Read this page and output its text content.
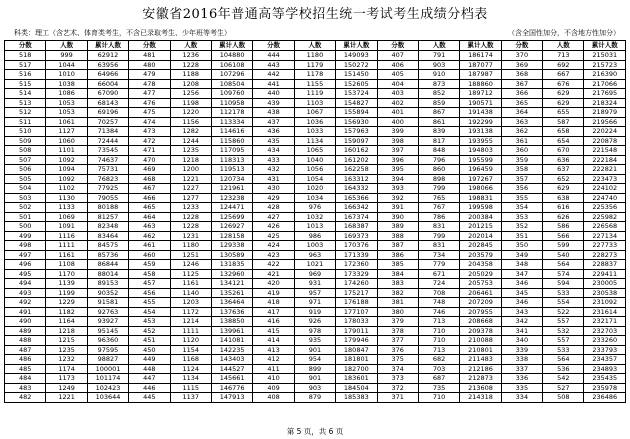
安徽省2016年普通高等学校招生统一考试考生成绩分档表
科类：理工（含艺术、体育类考生，不含已录取考生、少年班等考生）	（含全国性加分，不含地方性加分）
分数	人数	累计人数	分数	人数	累计人数	分数	人数	累计人数	分数	人数	累计人数	分数	人数	累计人数
518	999	62912	481	1236	104880	444	1180	149093	407	791	186174	370	713	215031
517	1044	63956	480	1228	106108	443	1179	150272	406	903	187077	369	692	215723
516	1010	64966	479	1188	107296	442	1178	151450	405	910	187987	368	667	216390
515	1038	66004	478	1208	108504	441	1155	152605	404	873	188860	367	676	217066
514	1086	67090	477	1256	109760	440	1119	153724	403	852	189712	366	629	217695
513	1053	68143	476	1198	110958	439	1103	154827	402	859	190571	365	629	218324
512	1053	69196	475	1220	112178	438	1067	155894	401	867	191438	364	655	218979
511	1061	70257	474	1156	113334	437	1036	156930	400	861	192299	363	587	219566
510	1127	71384	473	1282	114616	436	1033	157963	399	839	193138	362	658	220224
509	1060	72444	472	1244	115860	435	1134	159097	398	817	193955	361	654	220878
508	1101	73545	471	1235	117095	434	1065	160162	397	848	194803	360	670	221548
507	1092	74637	470	1218	118313	433	1040	161202	396	796	195599	359	636	222184
506	1094	75731	469	1200	119513	432	1056	162258	395	860	196459	358	637	222821
505	1092	76823	468	1221	120734	431	1054	163312	394	898	197267	357	652	223473
504	1102	77925	467	1227	121961	430	1020	164332	393	799	198066	356	629	224102
503	1130	79055	466	1277	123238	429	1034	165366	392	765	198831	355	638	224740
502	1133	80188	465	1233	124471	428	976	166342	391	767	199598	354	616	225356
501	1069	81257	464	1228	125699	427	1032	167374	390	786	200384	353	626	225982
500	1091	82348	463	1228	126927	426	1013	168387	389	831	201215	352	586	226568
499	1116	83464	462	1231	128158	425	986	169373	388	799	202014	351	566	227134
498	1111	84575	461	1180	129338	424	1003	170376	387	831	202845	350	599	227733
497	1161	85736	460	1251	130589	423	963	171339	386	734	203579	349	540	228273
496	1108	86844	459	1246	131835	422	1021	172360	385	779	204358	348	564	228837
495	1170	88014	458	1125	132960	421	969	173329	384	671	205029	347	574	229411
494	1139	89153	457	1161	134121	420	931	174260	383	724	205753	346	594	230005
493	1199	90352	456	1140	135261	419	957	175217	382	708	206461	345	533	230538
492	1229	91581	455	1203	136464	418	971	176188	381	748	207209	346	554	231092
491	1182	92763	454	1172	137636	417	919	177107	380	746	207955	343	522	231614
490	1164	93927	453	1214	138850	416	926	178033	379	713	208668	342	557	232171
489	1218	95145	452	1111	139961	415	978	179011	378	710	209378	341	532	232703
488	1215	96360	451	1120	141081	414	935	179946	377	710	210088	340	557	233260
487	1235	97595	450	1154	142235	413	901	180847	376	713	210801	339	533	233793
486	1232	98827	449	1168	143403	412	954	181801	375	682	211483	338	564	234357
485	1174	100001	448	1124	144527	411	899	182700	374	703	212186	337	536	234893
484	1173	101174	447	1134	145661	410	901	183601	373	687	212873	336	542	235435
483	1249	102423	446	1115	146776	409	903	184504	372	735	213608	335	527	235978
482	1221	103644	445	1137	147913	408	879	185383	371	710	214318	334	508	236486
第 5 页，共 6 页
